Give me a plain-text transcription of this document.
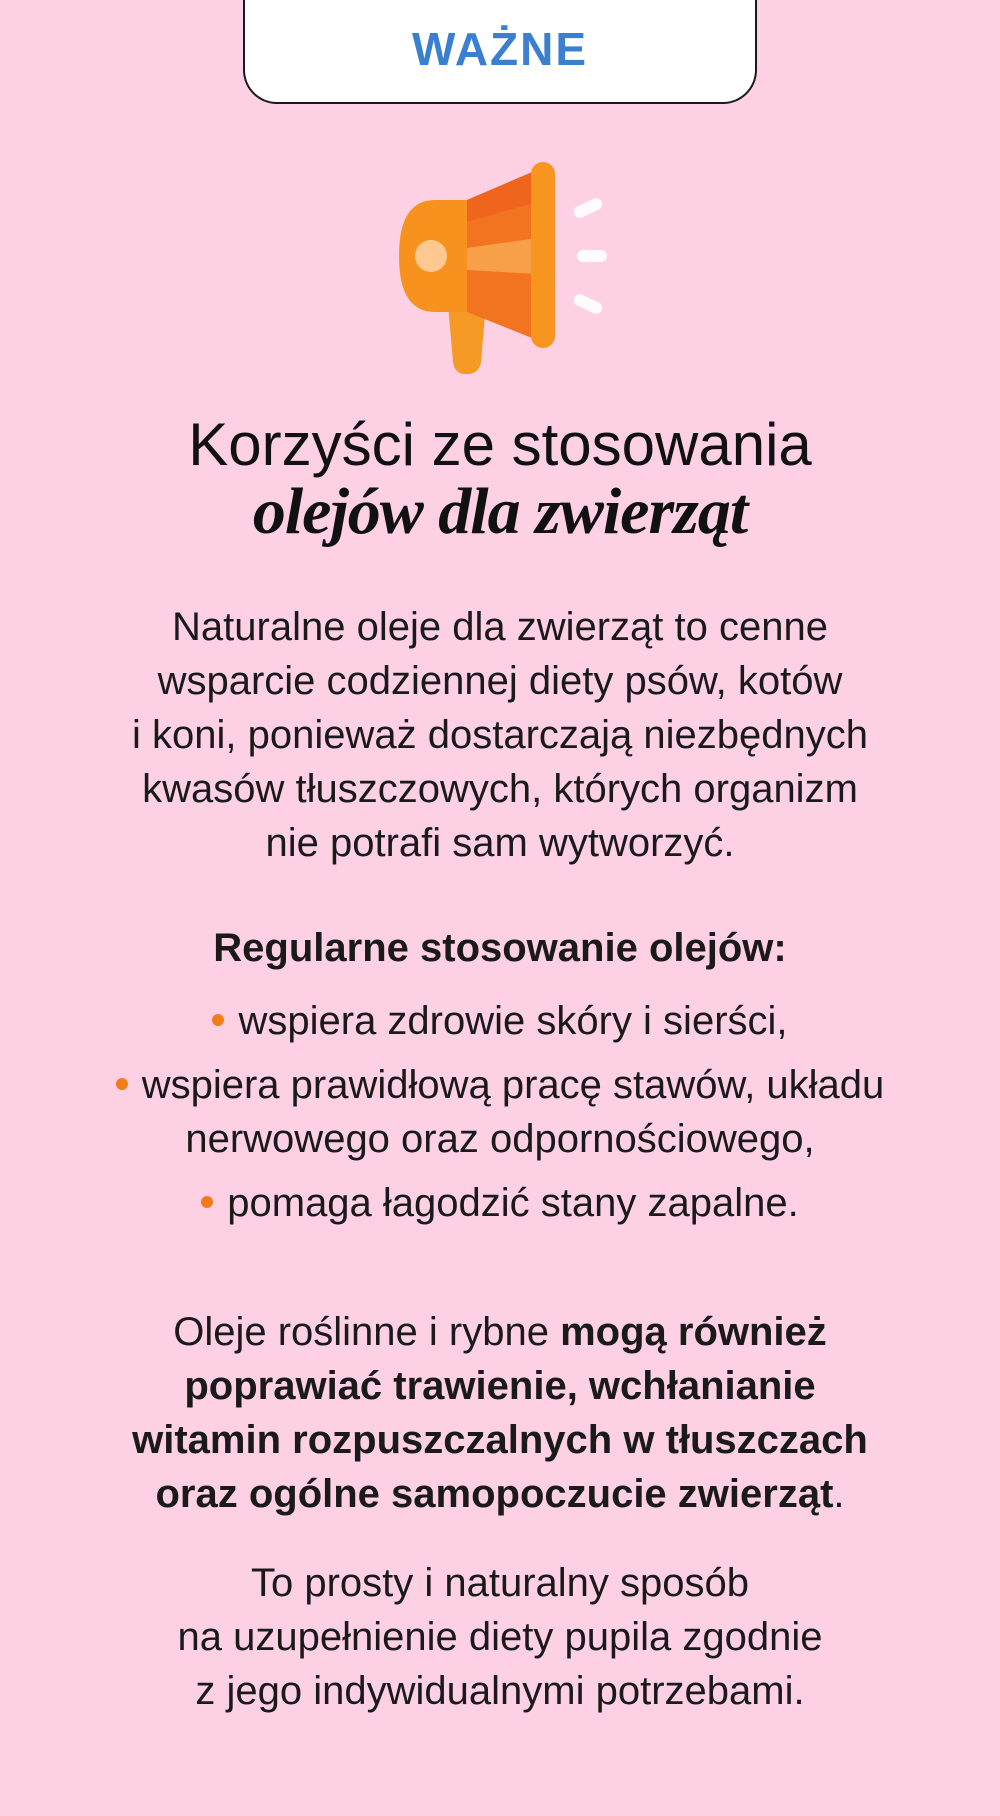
WAŻNE
Korzyści ze stosowania
olejów dla zwierząt

Naturalne oleje dla zwierząt to cenne
wsparcie codziennej diety psów, kotów
i koni, ponieważ dostarczają niezbędnych
kwasów tłuszczowych, których organizm
nie potrafi sam wytworzyć.

Regularne stosowanie olejów:
wspiera zdrowie skóry i sierści,
wspiera prawidłową pracę stawów, układu
nerwowego oraz odpornościowego,
pomaga łagodzić stany zapalne.

Oleje roślinne i rybne mogą również
poprawiać trawienie, wchłanianie
witamin rozpuszczalnych w tłuszczach
oraz ogólne samopoczucie zwierząt.

To prosty i naturalny sposób
na uzupełnienie diety pupila zgodnie
z jego indywidualnymi potrzebami.
